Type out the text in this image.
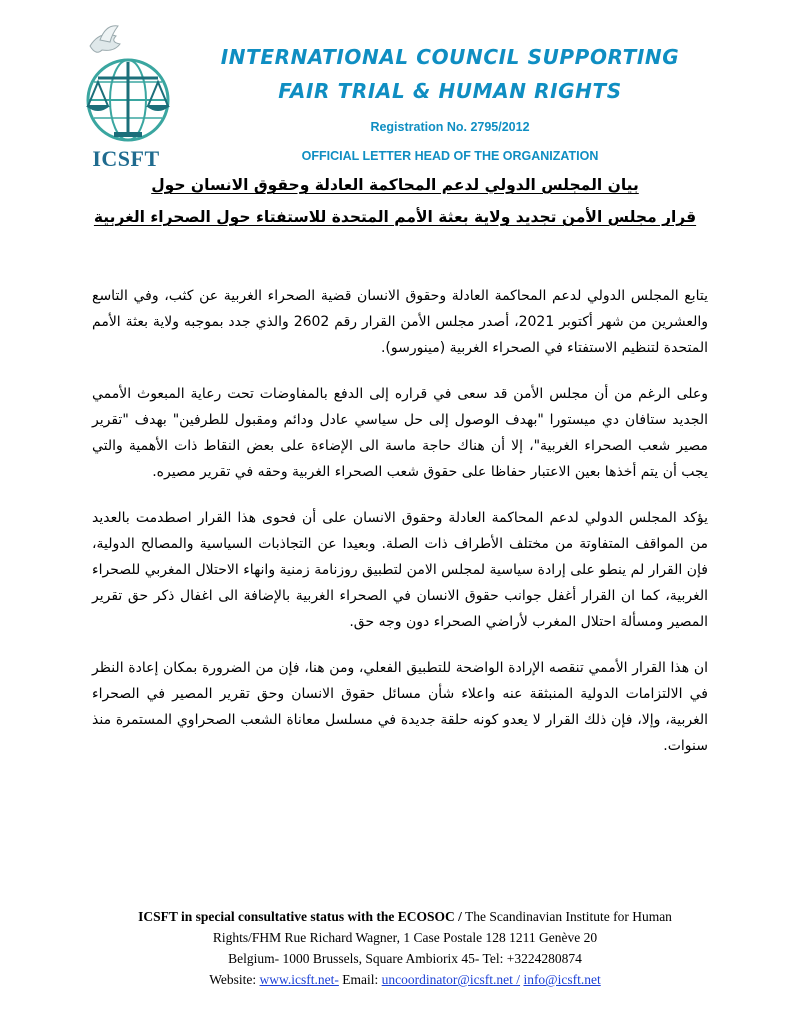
ICSFT
INTERNATIONAL COUNCIL SUPPORTING
FAIR TRIAL & HUMAN RIGHTS
Registration No. 2795/2012
OFFICIAL LETTER HEAD OF THE ORGANIZATION
بيان المجلس الدولي لدعم المحاكمة العادلة وحقوق الانسان حول
قرار مجلس الأمن تجديد ولاية بعثة الأمم المتحدة للاستفتاء حول الصحراء الغربية

يتابع المجلس الدولي لدعم المحاكمة العادلة وحقوق الانسان قضية الصحراء الغربية عن كثب، وفي التاسع والعشرين من شهر أكتوبر 2021، أصدر مجلس الأمن القرار رقم 2602 والذي جدد بموجبه ولاية بعثة الأمم المتحدة لتنظيم الاستفتاء في الصحراء الغربية (مينورسو).

وعلى الرغم من أن مجلس الأمن قد سعى في قراره إلى الدفع بالمفاوضات تحت رعاية المبعوث الأممي الجديد ستافان دي ميستورا "بهدف الوصول إلى حل سياسي عادل ودائم ومقبول للطرفين" بهدف "تقرير مصير شعب الصحراء الغربية"، إلا أن هناك حاجة ماسة الى الإضاءة على بعض النقاط ذات الأهمية والتي يجب أن يتم أخذها بعين الاعتبار حفاظا على حقوق شعب الصحراء الغربية وحقه في تقرير مصيره.

يؤكد المجلس الدولي لدعم المحاكمة العادلة وحقوق الانسان على أن فحوى هذا القرار اصطدمت بالعديد من المواقف المتفاوتة من مختلف الأطراف ذات الصلة. وبعيدا عن التجاذبات السياسية والمصالح الدولية، فإن القرار لم ينطو على إرادة سياسية لمجلس الامن لتطبيق روزنامة زمنية وانهاء الاحتلال المغربي للصحراء الغربية، كما ان القرار أغفل جوانب حقوق الانسان في الصحراء الغربية بالإضافة الى اغفال ذكر حق تقرير المصير ومسألة احتلال المغرب لأراضي الصحراء دون وجه حق.

ان هذا القرار الأممي تنقصه الإرادة الواضحة للتطبيق الفعلي، ومن هنا، فإن من الضرورة بمكان إعادة النظر في الالتزامات الدولية المنبثقة عنه واعلاء شأن مسائل حقوق الانسان وحق تقرير المصير في الصحراء الغربية، وإلا، فإن ذلك القرار لا يعدو كونه حلقة جديدة في مسلسل معاناة الشعب الصحراوي المستمرة منذ سنوات.

ICSFT in special consultative status with the ECOSOC / The Scandinavian Institute for Human
Rights/FHM Rue Richard Wagner, 1 Case Postale 128 1211 Genève 20
Belgium- 1000 Brussels, Square Ambiorix 45- Tel: +3224280874
Website: www.icsft.net- Email: uncoordinator@icsft.net / info@icsft.net
